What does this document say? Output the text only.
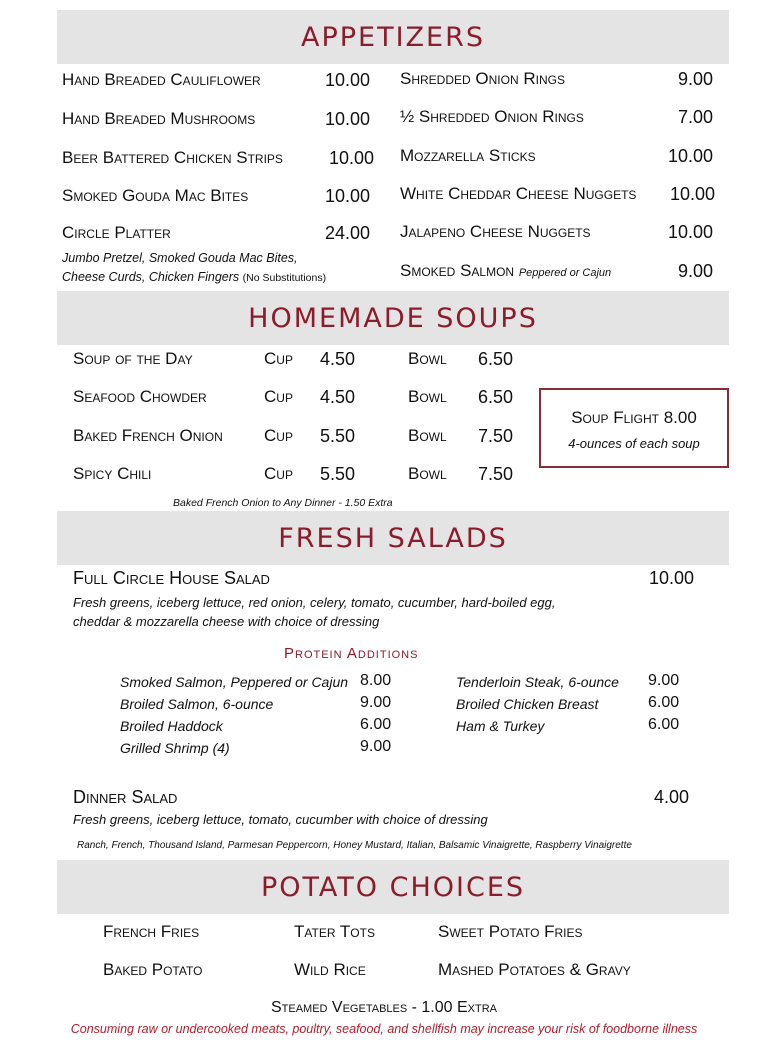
APPETIZERS
Hand Breaded Cauliflower	10.00
Hand Breaded Mushrooms	10.00
Beer Battered Chicken Strips	10.00
Smoked Gouda Mac Bites	10.00
Circle Platter	24.00
Jumbo Pretzel, Smoked Gouda Mac Bites,
Cheese Curds, Chicken Fingers (No Substitutions)
Shredded Onion Rings	9.00
½ Shredded Onion Rings	7.00
Mozzarella Sticks	10.00
White Cheddar Cheese Nuggets 10.00
Jalapeno Cheese Nuggets	10.00
Smoked Salmon Peppered or Cajun	9.00
HOMEMADE SOUPS
Soup of the Day	Cup 4.50	Bowl 6.50
Seafood Chowder	Cup 4.50	Bowl 6.50
Baked French Onion Cup 5.50	Bowl 7.50
Spicy Chili	Cup 5.50	Bowl 7.50
Soup Flight 8.00
4-ounces of each soup
Baked French Onion to Any Dinner - 1.50 Extra
FRESH SALADS
Full Circle House Salad	10.00
Fresh greens, iceberg lettuce, red onion, celery, tomato, cucumber, hard-boiled egg,
cheddar & mozzarella cheese with choice of dressing
Protein Additions
Smoked Salmon, Peppered or Cajun 8.00
Broiled Salmon, 6-ounce	9.00
Broiled Haddock	6.00
Grilled Shrimp (4)	9.00
Tenderloin Steak, 6-ounce 9.00
Broiled Chicken Breast	6.00
Ham & Turkey	6.00
Dinner Salad	4.00
Fresh greens, iceberg lettuce, tomato, cucumber with choice of dressing
Ranch, French, Thousand Island, Parmesan Peppercorn, Honey Mustard, Italian, Balsamic Vinaigrette, Raspberry Vinaigrette
POTATO CHOICES
French Fries	Tater Tots	Sweet Potato Fries
Baked Potato	Wild Rice	Mashed Potatoes & Gravy
Steamed Vegetables - 1.00 Extra
Consuming raw or undercooked meats, poultry, seafood, and shellfish may increase your risk of foodborne illness
